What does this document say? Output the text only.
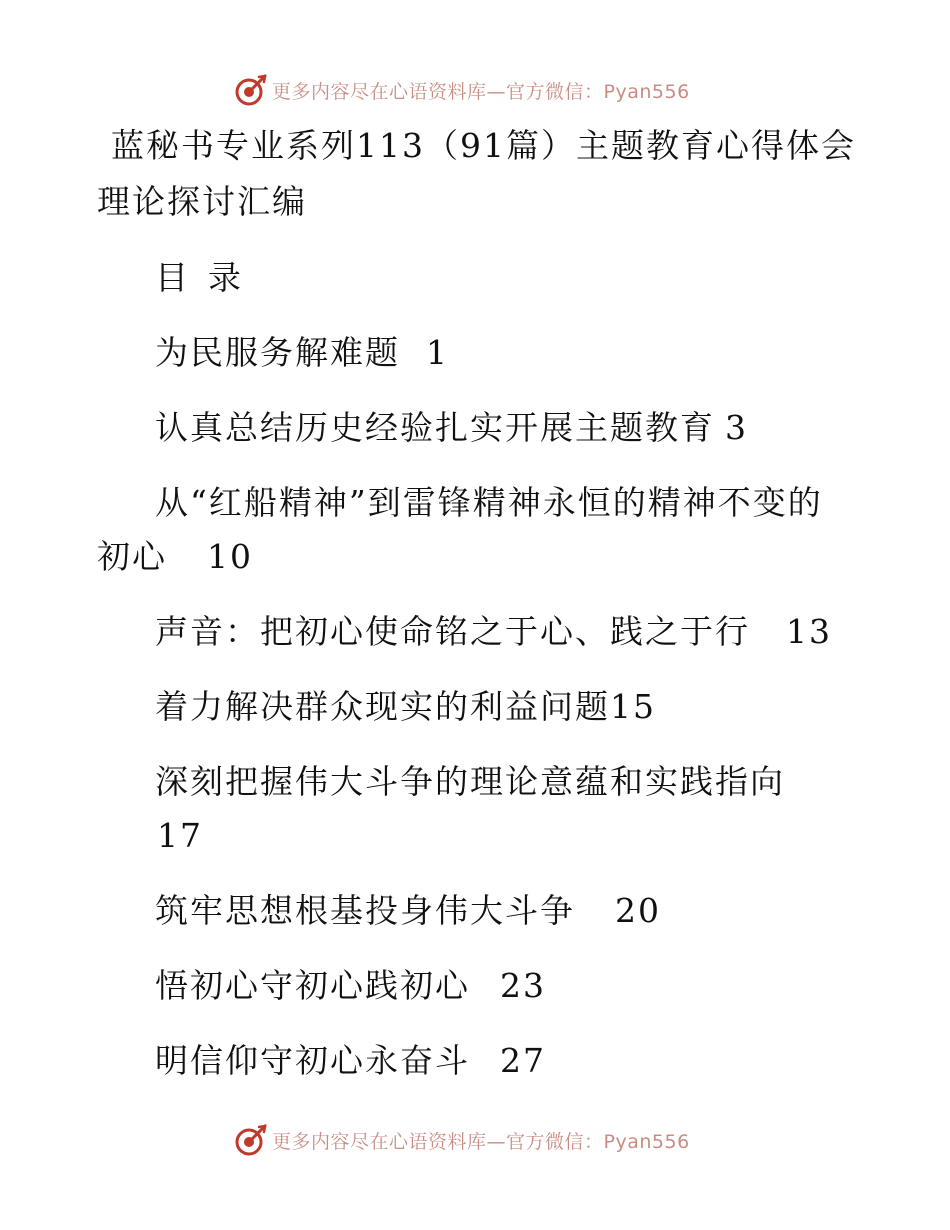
更多内容尽在心语资料库—官方微信：Pyan556
蓝秘书专业系列113（91篇）主题教育心得体会理论探讨汇编
目录
为民服务解难题 1
认真总结历史经验扎实开展主题教育 3
从“红船精神”到雷锋精神永恒的精神不变的初心 10
声音：把初心使命铭之于心、践之于行 13
着力解决群众现实的利益问题15
深刻把握伟大斗争的理论意蕴和实践指向17
筑牢思想根基投身伟大斗争 20
悟初心守初心践初心 23
明信仰守初心永奋斗 27
更多内容尽在心语资料库—官方微信：Pyan556
